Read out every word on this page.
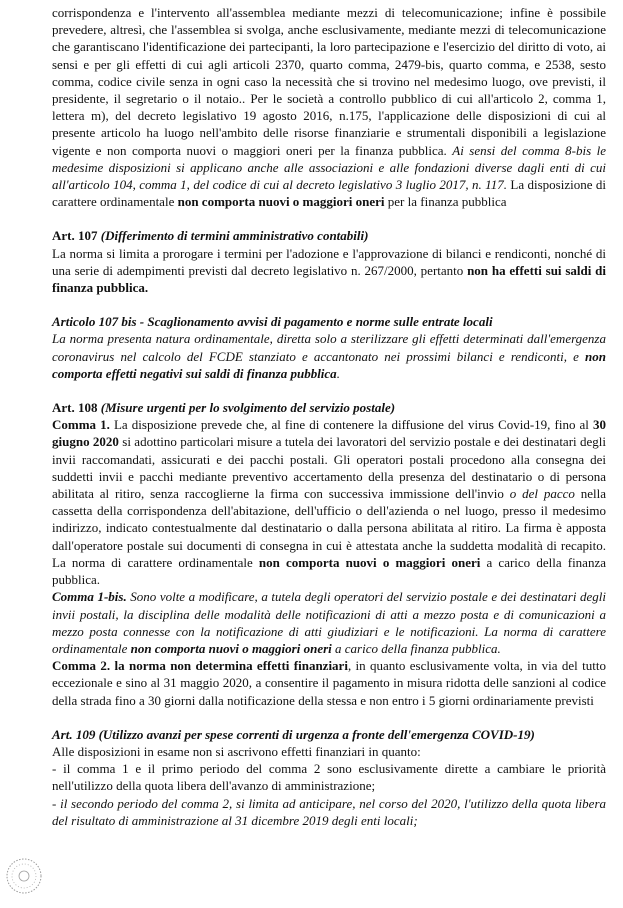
corrispondenza e l'intervento all'assemblea mediante mezzi di telecomunicazione; infine è possibile prevedere, altresì, che l'assemblea si svolga, anche esclusivamente, mediante mezzi di telecomunicazione che garantiscano l'identificazione dei partecipanti, la loro partecipazione e l'esercizio del diritto di voto, ai sensi e per gli effetti di cui agli articoli 2370, quarto comma, 2479-bis, quarto comma, e 2538, sesto comma, codice civile senza in ogni caso la necessità che si trovino nel medesimo luogo, ove previsti, il presidente, il segretario o il notaio.. Per le società a controllo pubblico di cui all'articolo 2, comma 1, lettera m), del decreto legislativo 19 agosto 2016, n.175, l'applicazione delle disposizioni di cui al presente articolo ha luogo nell'ambito delle risorse finanziarie e strumentali disponibili a legislazione vigente e non comporta nuovi o maggiori oneri per la finanza pubblica. Ai sensi del comma 8-bis le medesime disposizioni si applicano anche alle associazioni e alle fondazioni diverse dagli enti di cui all'articolo 104, comma 1, del codice di cui al decreto legislativo 3 luglio 2017, n. 117. La disposizione di carattere ordinamentale non comporta nuovi o maggiori oneri per la finanza pubblica

Art. 107 (Differimento di termini amministrativo contabili)

La norma si limita a prorogare i termini per l'adozione e l'approvazione di bilanci e rendiconti, nonché di una serie di adempimenti previsti dal decreto legislativo n. 267/2000, pertanto non ha effetti sui saldi di finanza pubblica.

Articolo 107 bis - Scaglionamento avvisi di pagamento e norme sulle entrate locali

La norma presenta natura ordinamentale, diretta solo a sterilizzare gli effetti determinati dall'emergenza coronavirus nel calcolo del FCDE stanziato e accantonato nei prossimi bilanci e rendiconti, e non comporta effetti negativi sui saldi di finanza pubblica.

Art. 108 (Misure urgenti per lo svolgimento del servizio postale)

Comma 1. La disposizione prevede che, al fine di contenere la diffusione del virus Covid-19, fino al 30 giugno 2020 si adottino particolari misure a tutela dei lavoratori del servizio postale e dei destinatari degli invii raccomandati, assicurati e dei pacchi postali. Gli operatori postali procedono alla consegna dei suddetti invii e pacchi mediante preventivo accertamento della presenza del destinatario o di persona abilitata al ritiro, senza raccoglierne la firma con successiva immissione dell'invio o del pacco nella cassetta della corrispondenza dell'abitazione, dell'ufficio o dell'azienda o nel luogo, presso il medesimo indirizzo, indicato contestualmente dal destinatario o dalla persona abilitata al ritiro. La firma è apposta dall'operatore postale sui documenti di consegna in cui è attestata anche la suddetta modalità di recapito. La norma di carattere ordinamentale non comporta nuovi o maggiori oneri a carico della finanza pubblica.

Comma 1-bis. Sono volte a modificare, a tutela degli operatori del servizio postale e dei destinatari degli invii postali, la disciplina delle modalità delle notificazioni di atti a mezzo posta e di comunicazioni a mezzo posta connesse con la notificazione di atti giudiziari e le notificazioni. La norma di carattere ordinamentale non comporta nuovi o maggiori oneri a carico della finanza pubblica.

Comma 2. la norma non determina effetti finanziari, in quanto esclusivamente volta, in via del tutto eccezionale e sino al 31 maggio 2020, a consentire il pagamento in misura ridotta delle sanzioni al codice della strada fino a 30 giorni dalla notificazione della stessa e non entro i 5 giorni ordinariamente previsti

Art. 109 (Utilizzo avanzi per spese correnti di urgenza a fronte dell'emergenza COVID-19)

Alle disposizioni in esame non si ascrivono effetti finanziari in quanto:

- il comma 1 e il primo periodo del comma 2 sono esclusivamente dirette a cambiare le priorità nell'utilizzo della quota libera dell'avanzo di amministrazione;

- il secondo periodo del comma 2, si limita ad anticipare, nel corso del 2020, l'utilizzo della quota libera del risultato di amministrazione al 31 dicembre 2019 degli enti locali;
